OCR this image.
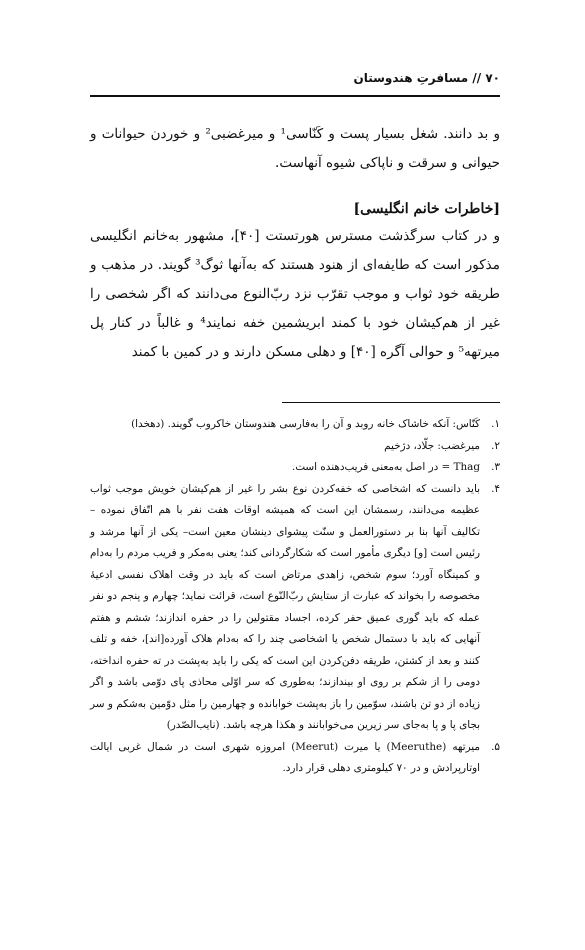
۷۰ // مسافرتِ هندوستان

و بد دانند. شغل بسیار پست و کَنّاسی¹ و میرغضبی² و خوردن حیوانات و حیوانی و سرقت و ناپاکی شیوه آنهاست.

[خاطرات خانم انگلیسی]

و در کتاب سرگذشت مسترس هورتستت [۴۰]، مشهور به‌خانم انگلیسی مذکور است که طایفه‌ای از هنود هستند که به‌آنها ثوگ³ گویند. در مذهب و طریقه خود ثواب و موجب تقرّب نزد ربّ‌النوع می‌دانند که اگر شخصی را غیر از هم‌کیشان خود با کمند ابریشمین خفه نمایند⁴ و غالباً در کنار پل میرتهه⁵ و حوالی آگره [۴۰] و دهلی مسکن دارند و در کمین با کمند

۱.
کَنّاس: آنکه خاشاک خانه روبد و آن را به‌فارسی هندوستان خاکروب گویند. (دهخدا)
۲.
میرغضب: جلّاد، دژخیم
۳.
Thag = در اصل به‌معنی فریب‌دهنده است.
۴.
باید دانست که اشخاصی که خفه‌کردن نوع بشر را غیر از هم‌کیشان خویش موجب ثواب عظیمه می‌دانند، رسمشان این است که همیشه اوقات هفت نفر با هم اتّفاق نموده – تکالیف آنها بنا بر دستورالعمل و سنّت پیشوای دینشان معین است– یکی از آنها مرشد و رئیس است [و] دیگری مأمور است که شکارگردانی کند؛ یعنی به‌مکر و فریب مردم را به‌دام و کمینگاه آورد؛ سوم شخص، زاهدی مرتاض است که باید در وقت اهلاک نفسی ادعیهٔ مخصوصه را بخواند که عبارت از ستایش ربّ‌النّوع است، قرائت نماید؛ چهارم و پنجم دو نفر عمله که باید گوری عمیق حفر کرده، اجساد مقتولین را در حفره اندازند؛ ششم و هفتم آنهایی که باید با دستمال شخص یا اشخاصی چند را که به‌دام هلاک آورده[اند]، خفه و تلف کنند و بعد از کشتن، طریقه دفن‌کردن این است که یکی را باید به‌پشت در ته حفره انداخته، دومی را از شکم بر روی او بیندازند؛ به‌طوری که سر اوّلی محاذی پای دوّمی باشد و اگر زیاده از دو تن باشند، سوّمین را باز به‌پشت خوابانده و چهارمین را مثل دوّمین به‌شکم و سر بجای پا و پا به‌جای سر زیرین می‌خوابانند و هکذا هرچه باشد. (نایب‌الصّدر)
۵.
میرتهه (Meeruthe) یا میرت (Meerut) امروزه شهری است در شمال غربی ایالت اوتارپرادش و در ۷۰ کیلومتری دهلی قرار دارد.
